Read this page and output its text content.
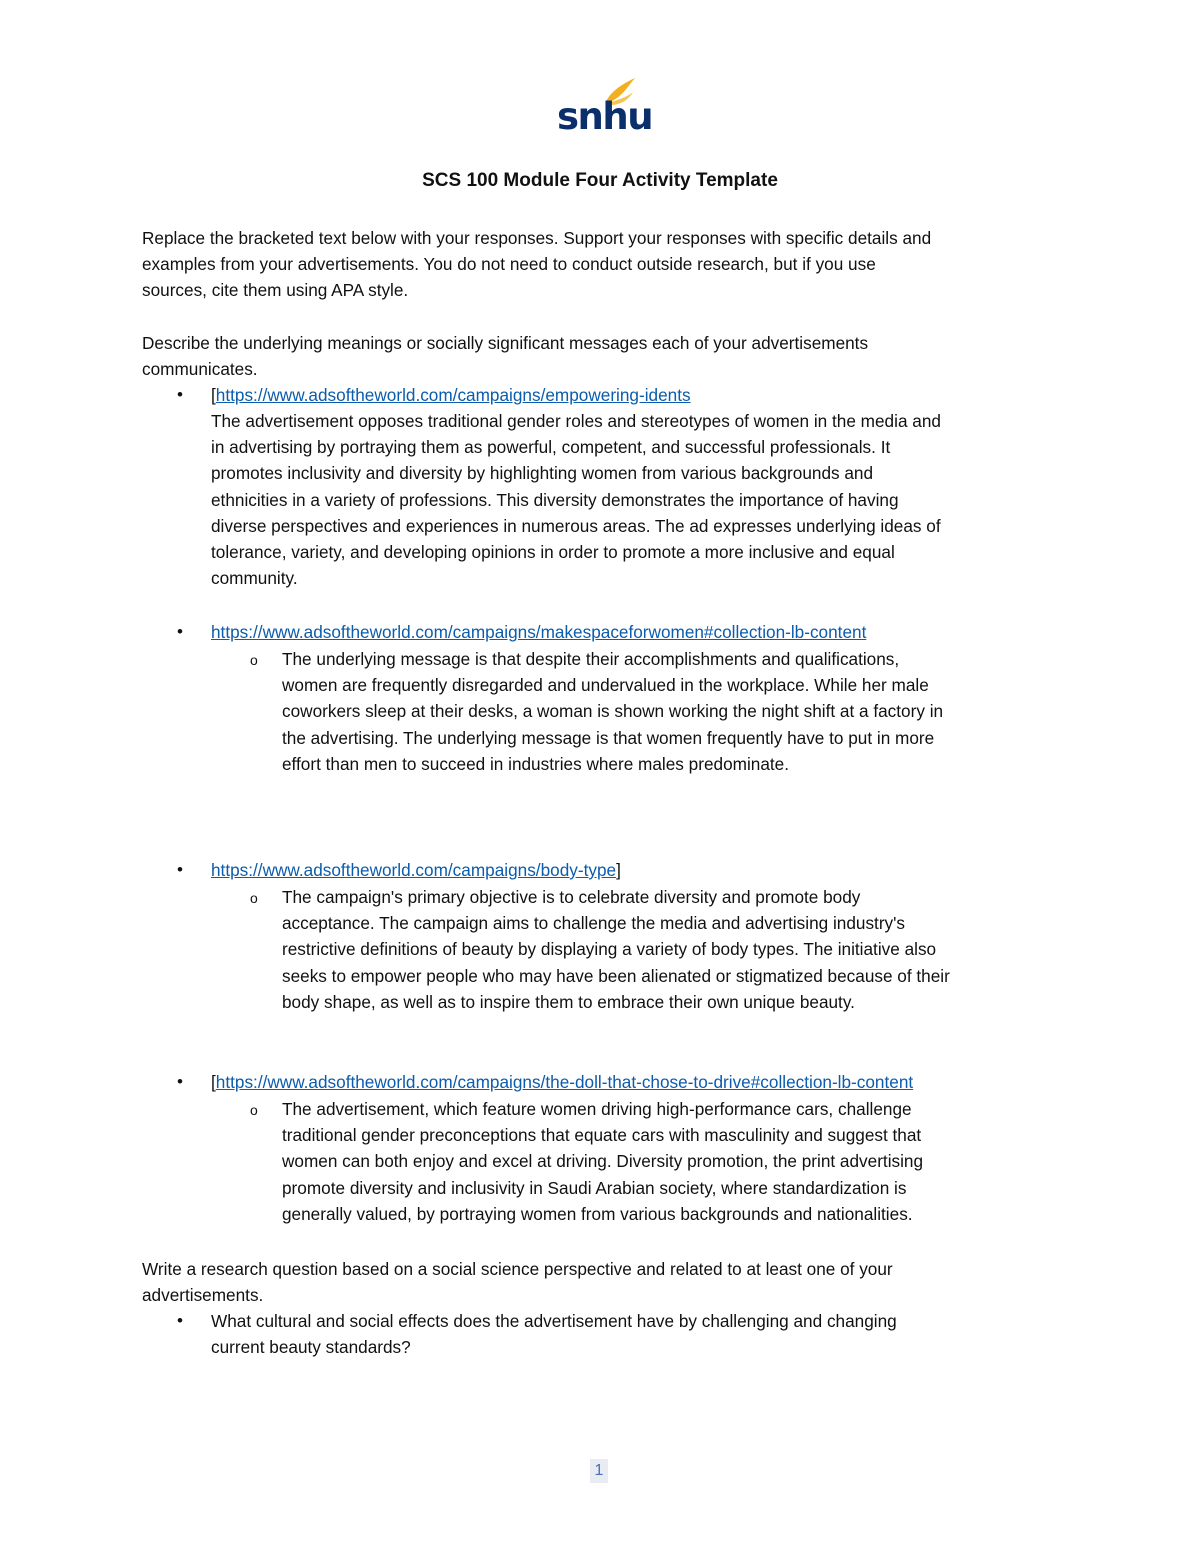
snhu
SCS 100 Module Four Activity Template

Replace the bracketed text below with your responses. Support your responses with specific details and

examples from your advertisements. You do not need to conduct outside research, but if you use

sources, cite them using APA style.

Describe the underlying meanings or socially significant messages each of your advertisements

communicates.

• [https://www.adsoftheworld.com/campaigns/empowering-idents

The advertisement opposes traditional gender roles and stereotypes of women in the media and

in advertising by portraying them as powerful, competent, and successful professionals. It

promotes inclusivity and diversity by highlighting women from various backgrounds and

ethnicities in a variety of professions. This diversity demonstrates the importance of having

diverse perspectives and experiences in numerous areas. The ad expresses underlying ideas of

tolerance, variety, and developing opinions in order to promote a more inclusive and equal

community.

• https://www.adsoftheworld.com/campaigns/makespaceforwomen#collection-lb-content
o The underlying message is that despite their accomplishments and qualifications,

women are frequently disregarded and undervalued in the workplace. While her male

coworkers sleep at their desks, a woman is shown working the night shift at a factory in

the advertising. The underlying message is that women frequently have to put in more

effort than men to succeed in industries where males predominate.

• https://www.adsoftheworld.com/campaigns/body-type]
o The campaign's primary objective is to celebrate diversity and promote body

acceptance. The campaign aims to challenge the media and advertising industry's

restrictive definitions of beauty by displaying a variety of body types. The initiative also

seeks to empower people who may have been alienated or stigmatized because of their

body shape, as well as to inspire them to embrace their own unique beauty.

• [https://www.adsoftheworld.com/campaigns/the-doll-that-chose-to-drive#collection-lb-content
o The advertisement, which feature women driving high-performance cars, challenge

traditional gender preconceptions that equate cars with masculinity and suggest that

women can both enjoy and excel at driving. Diversity promotion, the print advertising

promote diversity and inclusivity in Saudi Arabian society, where standardization is

generally valued, by portraying women from various backgrounds and nationalities.

Write a research question based on a social science perspective and related to at least one of your

advertisements.

• What cultural and social effects does the advertisement have by challenging and changing

current beauty standards?

1
